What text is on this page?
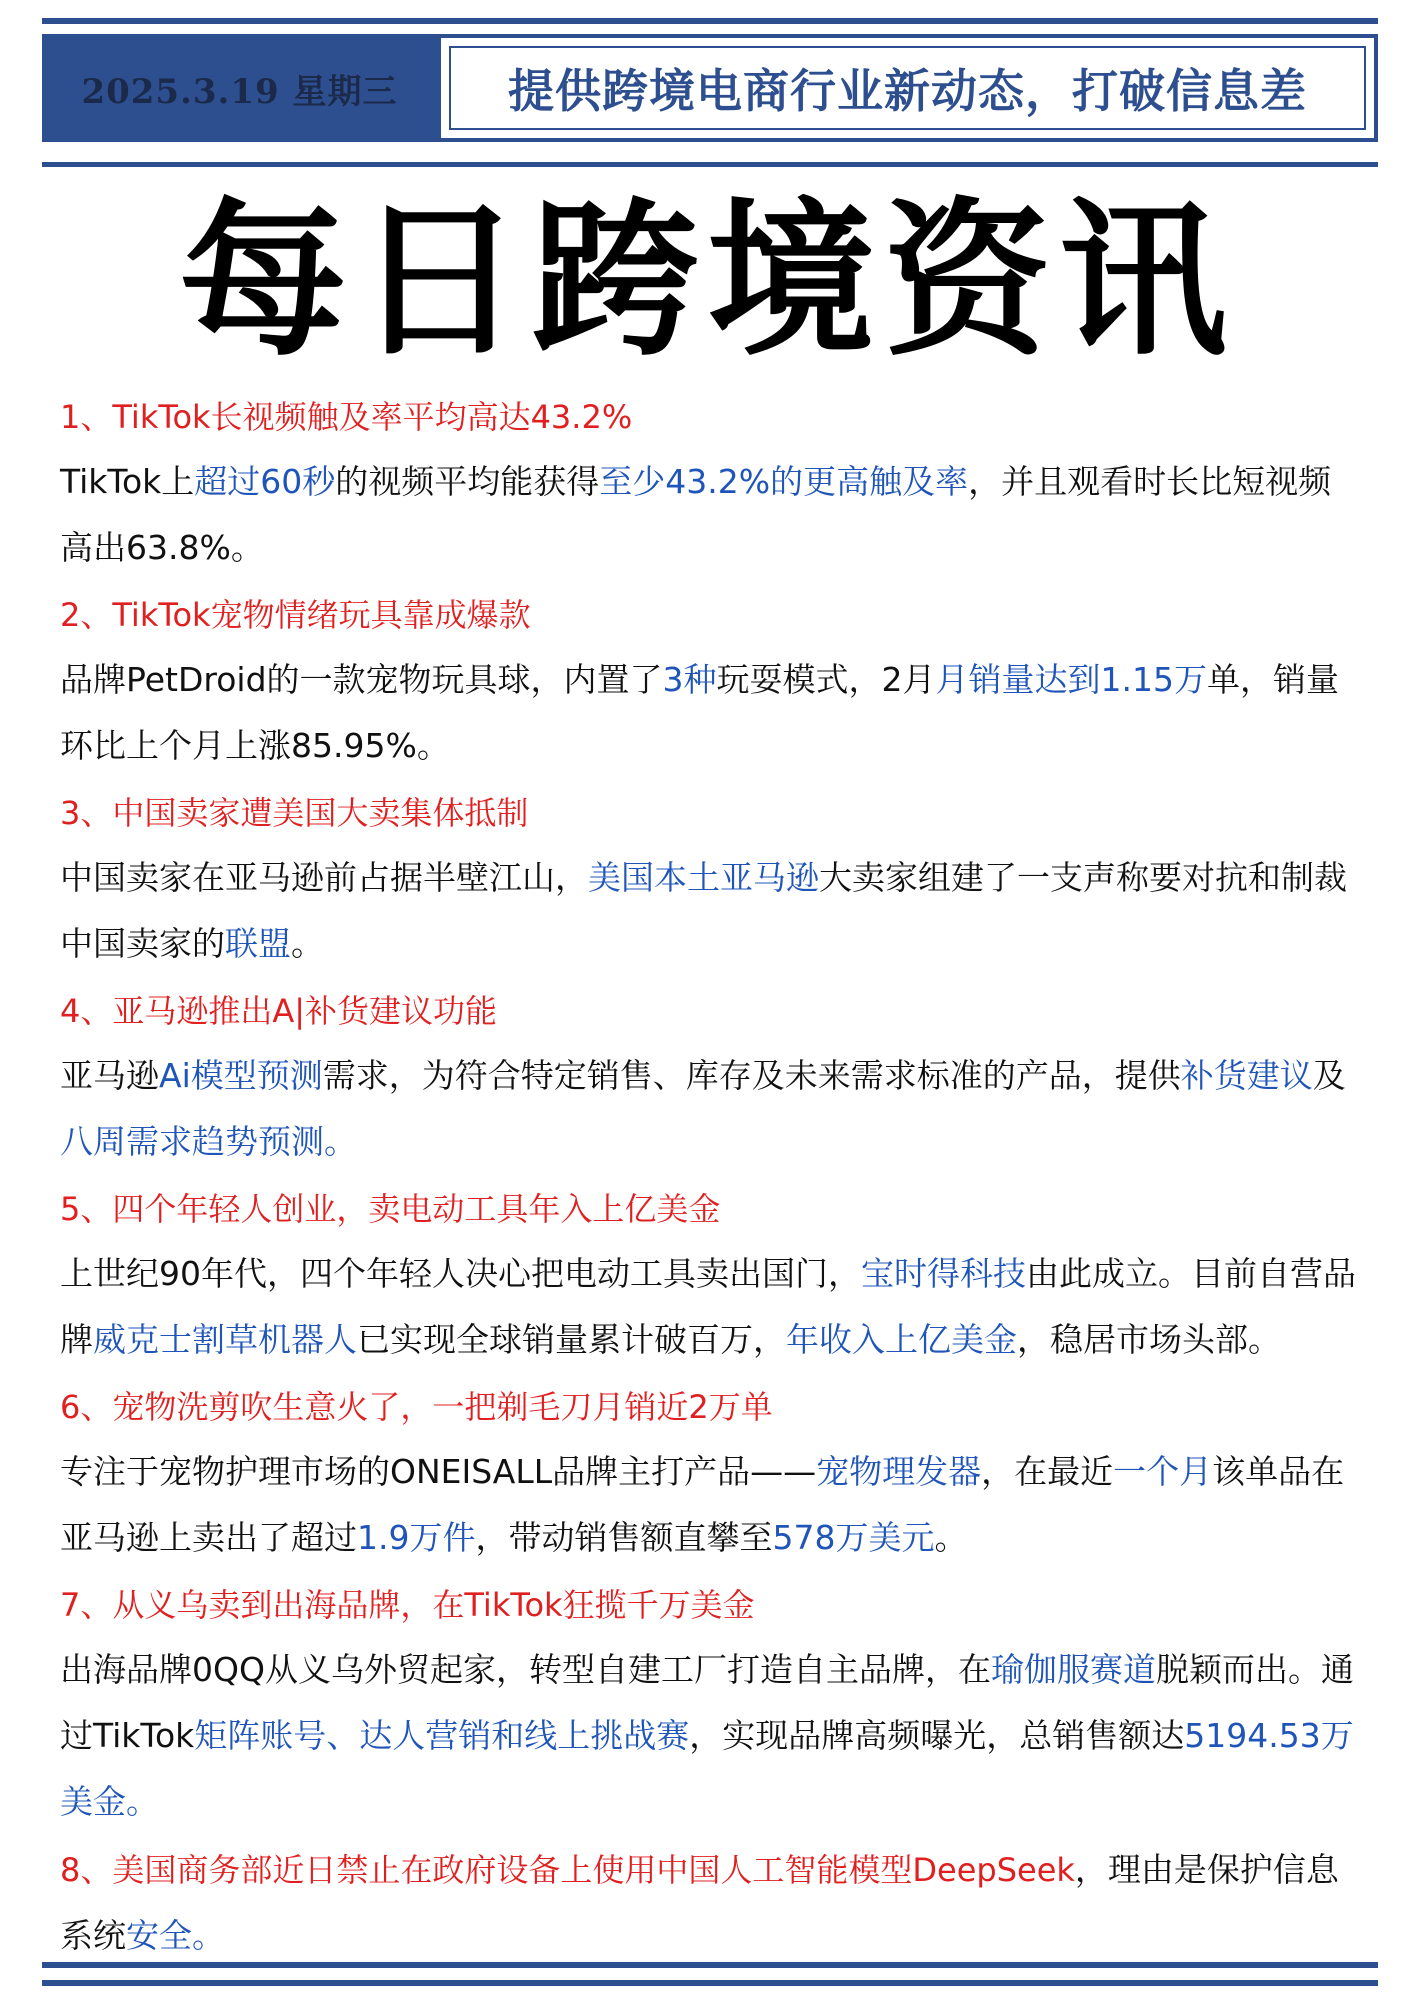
2025.3.19 星期三 提供跨境电商行业新动态，打破信息差
每日跨境资讯

1、TikTok长视频触及率平均高达43.2%

TikTok上超过60秒的视频平均能获得至少43.2%的更高触及率，并且观看时长比短视频高出63.8%。

2、TikTok宠物情绪玩具靠成爆款

品牌PetDroid的一款宠物玩具球，内置了3种玩耍模式，2月月销量达到1.15万单，销量环比上个月上涨85.95%。

3、中国卖家遭美国大卖集体抵制

中国卖家在亚马逊前占据半壁江山，美国本土亚马逊大卖家组建了一支声称要对抗和制裁中国卖家的联盟。

4、亚马逊推出A|补货建议功能

亚马逊Ai模型预测需求，为符合特定销售、库存及未来需求标准的产品，提供补货建议及八周需求趋势预测。

5、四个年轻人创业，卖电动工具年入上亿美金

上世纪90年代，四个年轻人决心把电动工具卖出国门，宝时得科技由此成立。目前自营品牌威克士割草机器人已实现全球销量累计破百万，年收入上亿美金，稳居市场头部。

6、宠物洗剪吹生意火了，一把剃毛刀月销近2万单

专注于宠物护理市场的ONEISALL品牌主打产品——宠物理发器，在最近一个月该单品在亚马逊上卖出了超过1.9万件，带动销售额直攀至578万美元。

7、从义乌卖到出海品牌，在TikTok狂揽千万美金

出海品牌0QQ从义乌外贸起家，转型自建工厂打造自主品牌，在瑜伽服赛道脱颖而出。通过TikTok矩阵账号、达人营销和线上挑战赛，实现品牌高频曝光，总销售额达5194.53万美金。

8、美国商务部近日禁止在政府设备上使用中国人工智能模型DeepSeek，理由是保护信息系统安全。
